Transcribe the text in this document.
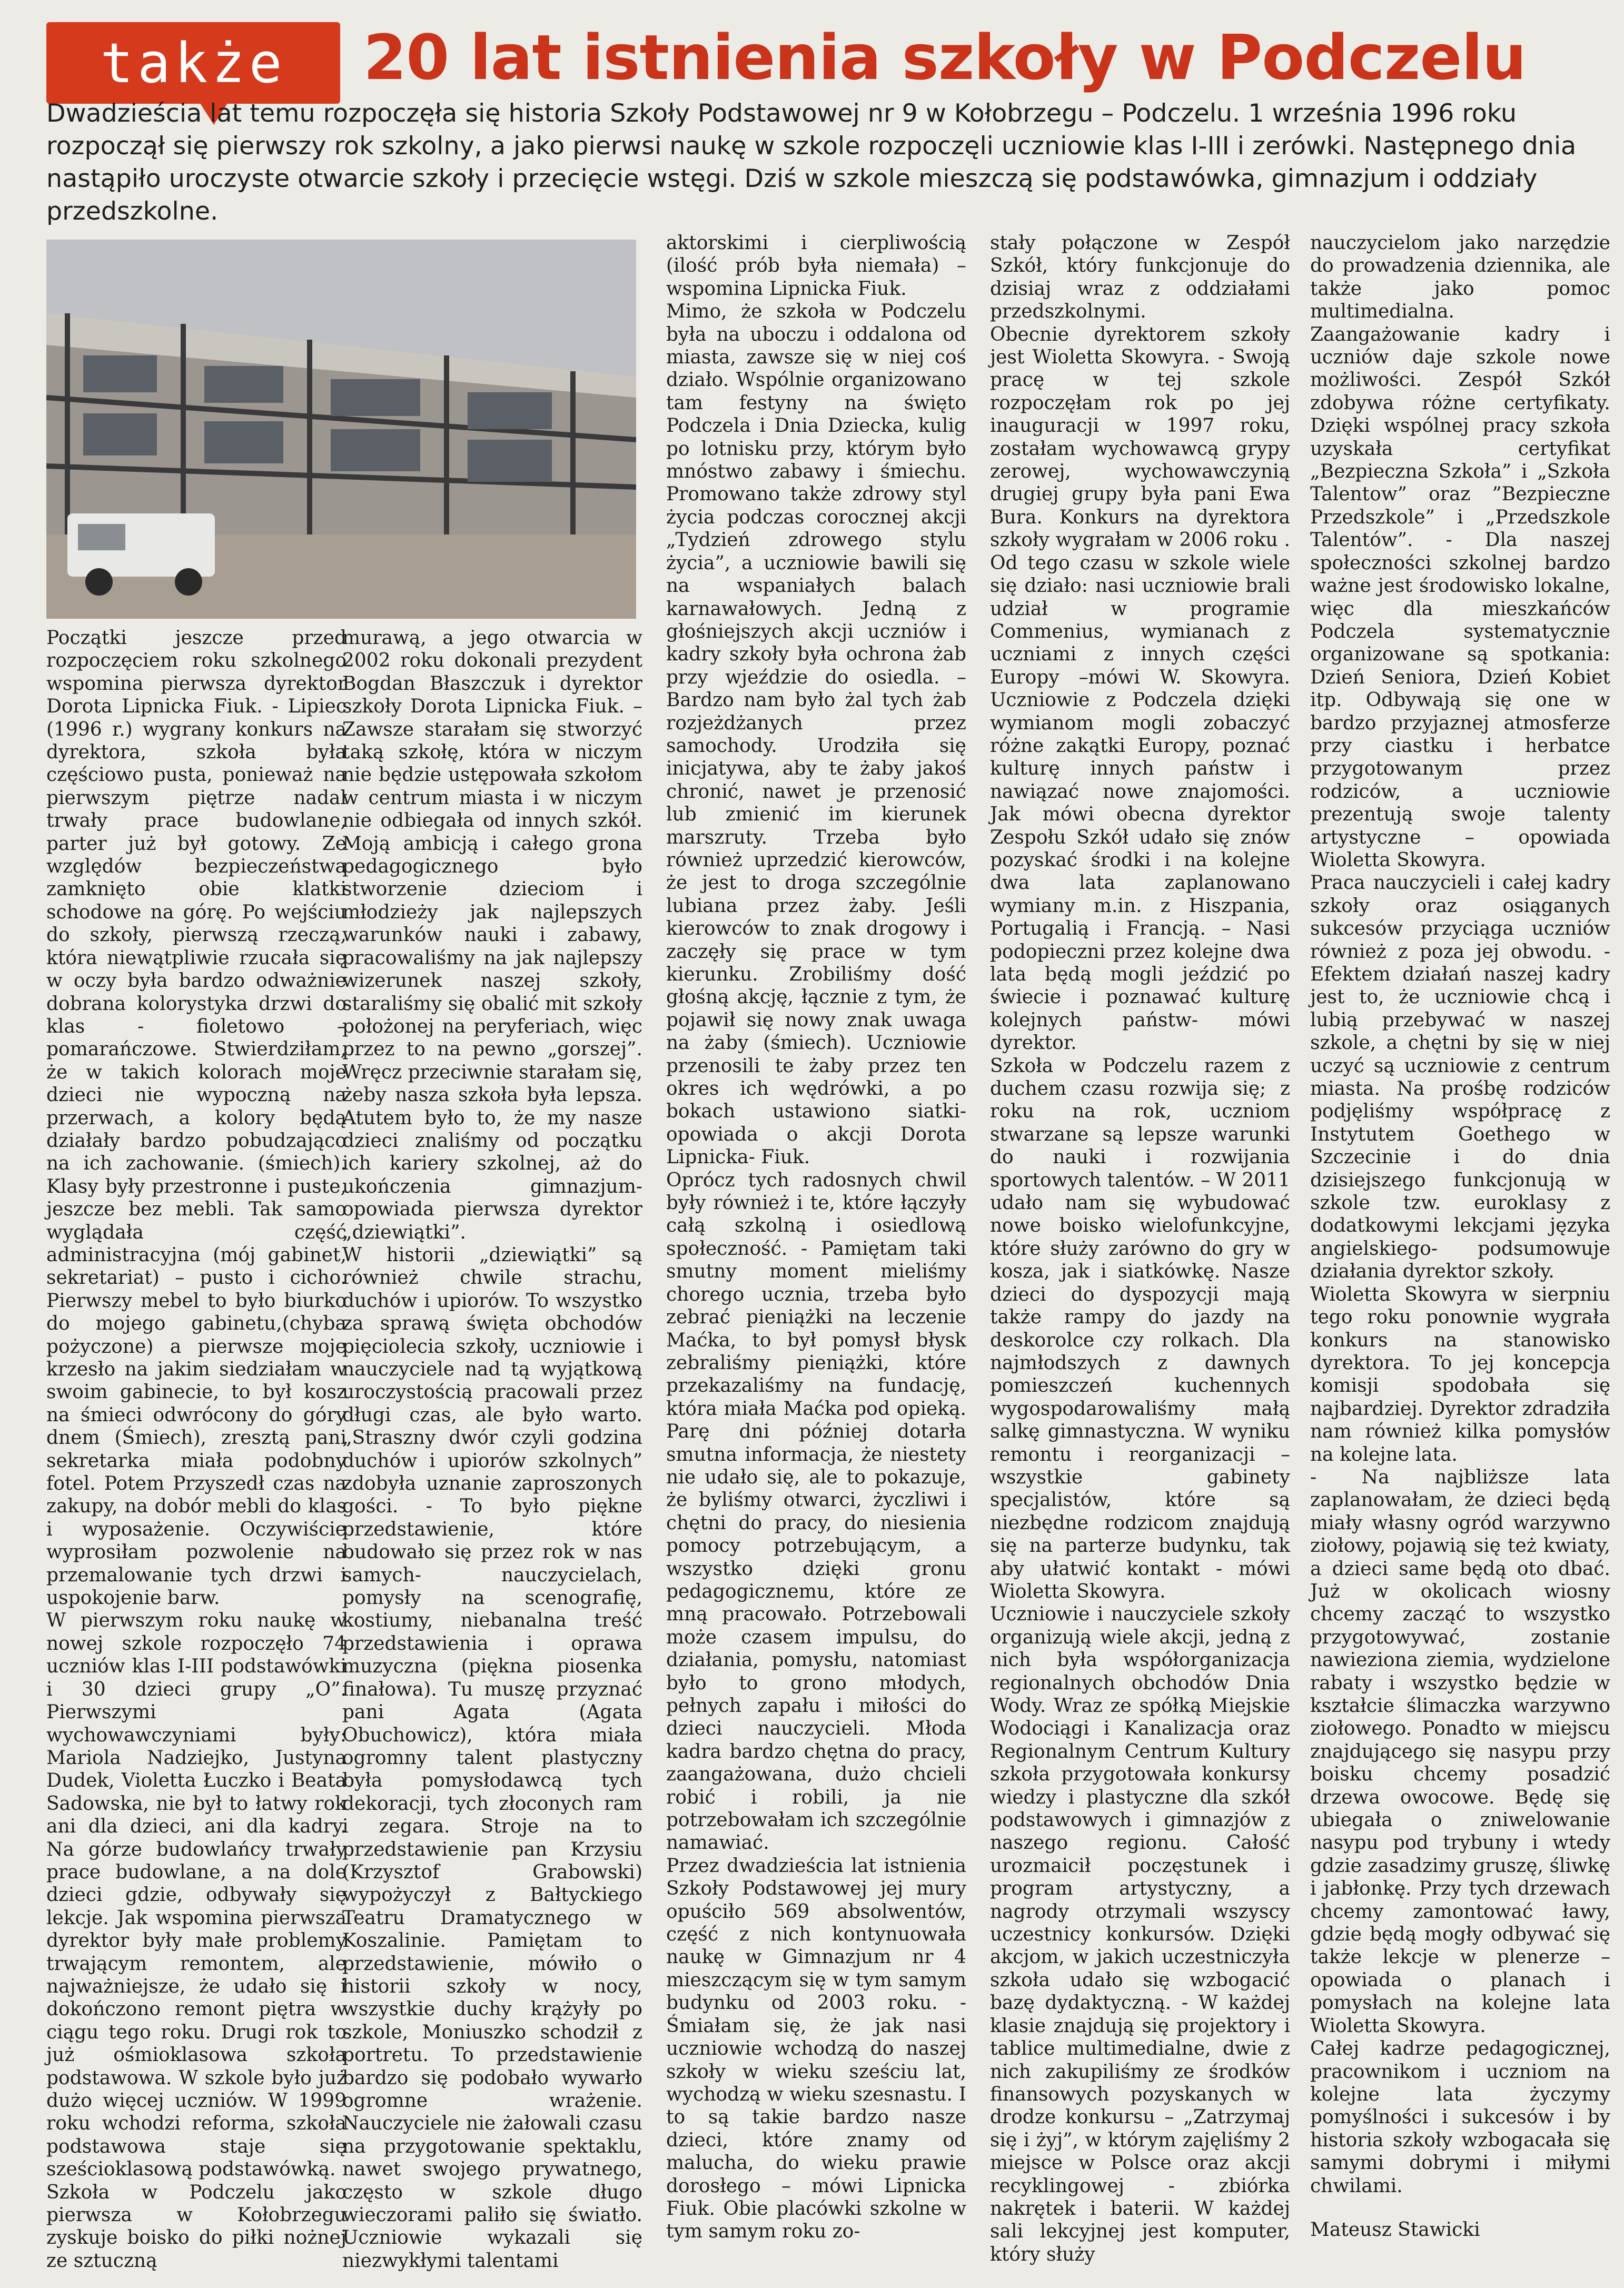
także 20 lat istnienia szkoły w Podczelu
Dwadzieścia lat temu rozpoczęła się historia Szkoły Podstawowej nr 9 w Kołobrzegu – Podczelu. 1 września 1996 roku rozpoczął się pierwszy rok szkolny, a jako pierwsi naukę w szkole rozpoczęli uczniowie klas I-III i zerówki. Następnego dnia nastąpiło uroczyste otwarcie szkoły i przecięcie wstęgi. Dziś w szkole mieszczą się podstawówka, gimnazjum i oddziały przedszkolne.

Początki jeszcze przed rozpoczęciem roku szkolnego wspomina pierwsza dyrektor Dorota Lipnicka Fiuk. - Lipiec (1996 r.) wygrany konkurs na dyrektora, szkoła była częściowo pusta, ponieważ na pierwszym piętrze nadal trwały prace budowlane, parter już był gotowy. Ze względów bezpieczeństwa zamknięto obie klatki schodowe na górę. Po wejściu do szkoły, pierwszą rzeczą, która niewątpliwie rzucała się w oczy była bardzo odważnie dobrana kolorystyka drzwi do klas - fioletowo – pomarańczowe. Stwierdziłam, że w takich kolorach moje dzieci nie wypoczną na przerwach, a kolory będą działały bardzo pobudzająco na ich zachowanie. (śmiech). Klasy były przestronne i puste, jeszcze bez mebli. Tak samo wyglądała część administracyjna (mój gabinet, sekretariat) – pusto i cicho. Pierwszy mebel to było biurko do mojego gabinetu,(chyba pożyczone) a pierwsze moje krzesło na jakim siedziałam w swoim gabinecie, to był kosz na śmieci odwrócony do góry dnem (Śmiech), zresztą pani sekretarka miała podobny fotel. Potem Przyszedł czas na zakupy, na dobór mebli do klas i wyposażenie. Oczywiście wyprosiłam pozwolenie na przemalowanie tych drzwi i uspokojenie barw.

W pierwszym roku naukę w nowej szkole rozpoczęło 74 uczniów klas I-III podstawówki i 30 dzieci grupy „O”. Pierwszymi wychowawczyniami były: Mariola Nadziejko, Justyna Dudek, Violetta Łuczko i Beata Sadowska, nie był to łatwy rok ani dla dzieci, ani dla kadry. Na górze budowlańcy trwały prace budowlane, a na dole dzieci gdzie, odbywały się lekcje. Jak wspomina pierwsza dyrektor były małe problemy trwającym remontem, ale najważniejsze, że udało się i dokończono remont piętra w ciągu tego roku. Drugi rok to już ośmioklasowa szkoła podstawowa. W szkole było już dużo więcej uczniów. W 1999 roku wchodzi reforma, szkoła podstawowa staje się sześcioklasową podstawówką.

Szkoła w Podczelu jako pierwsza w Kołobrzegu zyskuje boisko do piłki nożnej ze sztuczną

murawą, a jego otwarcia w 2002 roku dokonali prezydent Bogdan Błaszczuk i dyrektor szkoły Dorota Lipnicka Fiuk. –Zawsze starałam się stworzyć taką szkołę, która w niczym nie będzie ustępowała szkołom w centrum miasta i w niczym nie odbiegała od innych szkół. Moją ambicją i całego grona pedagogicznego było stworzenie dzieciom i młodzieży jak najlepszych warunków nauki i zabawy, pracowaliśmy na jak najlepszy wizerunek naszej szkoły, staraliśmy się obalić mit szkoły położonej na peryferiach, więc przez to na pewno „gorszej”. Wręcz przeciwnie starałam się, żeby nasza szkoła była lepsza. Atutem było to, że my nasze dzieci znaliśmy od początku ich kariery szkolnej, aż do ukończenia gimnazjum- opowiada pierwsza dyrektor „dziewiątki”.

W historii „dziewiątki” są również chwile strachu, duchów i upiorów. To wszystko za sprawą święta obchodów pięciolecia szkoły, uczniowie i nauczyciele nad tą wyjątkową uroczystością pracowali przez długi czas, ale było warto. „Straszny dwór czyli godzina duchów i upiorów szkolnych” zdobyła uznanie zaproszonych gości. - To było piękne przedstawienie, które budowało się przez rok w nas samych- nauczycielach, pomysły na scenografię, kostiumy, niebanalna treść przedstawienia i oprawa muzyczna (piękna piosenka finałowa). Tu muszę przyznać pani Agata (Agata Obuchowicz), która miała ogromny talent plastyczny była pomysłodawcą tych dekoracji, tych złoconych ram i zegara. Stroje na to przedstawienie pan Krzysiu (Krzysztof Grabowski) wypożyczył z Bałtyckiego Teatru Dramatycznego w Koszalinie. Pamiętam to przedstawienie, mówiło o historii szkoły w nocy, wszystkie duchy krążyły po szkole, Moniuszko schodził z portretu. To przedstawienie bardzo się podobało wywarło ogromne wrażenie. Nauczyciele nie żałowali czasu na przygotowanie spektaklu, nawet swojego prywatnego, często w szkole długo wieczorami paliło się światło. Uczniowie wykazali się niezwykłymi talentami

aktorskimi i cierpliwością (ilość prób była niemała) – wspomina Lipnicka Fiuk.

Mimo, że szkoła w Podczelu była na uboczu i oddalona od miasta, zawsze się w niej coś działo. Wspólnie organizowano tam festyny na święto Podczela i Dnia Dziecka, kulig po lotnisku przy, którym było mnóstwo zabawy i śmiechu. Promowano także zdrowy styl życia podczas corocznej akcji „Tydzień zdrowego stylu życia”, a uczniowie bawili się na wspaniałych balach karnawałowych. Jedną z głośniejszych akcji uczniów i kadry szkoły była ochrona żab przy wjeździe do osiedla. – Bardzo nam było żal tych żab rozjeżdżanych przez samochody. Urodziła się inicjatywa, aby te żaby jakoś chronić, nawet je przenosić lub zmienić im kierunek marszruty. Trzeba było również uprzedzić kierowców, że jest to droga szczególnie lubiana przez żaby. Jeśli kierowców to znak drogowy i zaczęły się prace w tym kierunku. Zrobiliśmy dość głośną akcję, łącznie z tym, że pojawił się nowy znak uwaga na żaby (śmiech). Uczniowie przenosili te żaby przez ten okres ich wędrówki, a po bokach ustawiono siatki- opowiada o akcji Dorota Lipnicka- Fiuk.

Oprócz tych radosnych chwil były również i te, które łączyły całą szkolną i osiedlową społeczność. - Pamiętam taki smutny moment mieliśmy chorego ucznia, trzeba było zebrać pieniążki na leczenie Maćka, to był pomysł błysk zebraliśmy pieniążki, które przekazaliśmy na fundację, która miała Maćka pod opieką. Parę dni później dotarła smutna informacja, że niestety nie udało się, ale to pokazuje, że byliśmy otwarci, życzliwi i chętni do pracy, do niesienia pomocy potrzebującym, a wszystko dzięki gronu pedagogicznemu, które ze mną pracowało. Potrzebowali może czasem impulsu, do działania, pomysłu, natomiast było to grono młodych, pełnych zapału i miłości do dzieci nauczycieli. Młoda kadra bardzo chętna do pracy, zaangażowana, dużo chcieli robić i robili, ja nie potrzebowałam ich szczególnie namawiać.

Przez dwadzieścia lat istnienia Szkoły Podstawowej jej mury opuściło 569 absolwentów, część z nich kontynuowała naukę w Gimnazjum nr 4 mieszczącym się w tym samym budynku od 2003 roku. - Śmiałam się, że jak nasi uczniowie wchodzą do naszej szkoły w wieku sześciu lat, wychodzą w wieku szesnastu. I to są takie bardzo nasze dzieci, które znamy od malucha, do wieku prawie dorosłego – mówi Lipnicka Fiuk. Obie placówki szkolne w tym samym roku zo-

stały połączone w Zespół Szkół, który funkcjonuje do dzisiaj wraz z oddziałami przedszkolnymi.

Obecnie dyrektorem szkoły jest Wioletta Skowyra. - Swoją pracę w tej szkole rozpoczęłam rok po jej inauguracji w 1997 roku, zostałam wychowawcą grypy zerowej, wychowawczynią drugiej grupy była pani Ewa Bura. Konkurs na dyrektora szkoły wygrałam w 2006 roku . Od tego czasu w szkole wiele się działo: nasi uczniowie brali udział w programie Commenius, wymianach z uczniami z innych części Europy –mówi W. Skowyra. Uczniowie z Podczela dzięki wymianom mogli zobaczyć różne zakątki Europy, poznać kulturę innych państw i nawiązać nowe znajomości. Jak mówi obecna dyrektor Zespołu Szkół udało się znów pozyskać środki i na kolejne dwa lata zaplanowano wymiany m.in. z Hiszpania, Portugalią i Francją. – Nasi podopieczni przez kolejne dwa lata będą mogli jeździć po świecie i poznawać kulturę kolejnych państw- mówi dyrektor.

Szkoła w Podczelu razem z duchem czasu rozwija się; z roku na rok, uczniom stwarzane są lepsze warunki do nauki i rozwijania sportowych talentów. – W 2011 udało nam się wybudować nowe boisko wielofunkcyjne, które służy zarówno do gry w kosza, jak i siatkówkę. Nasze dzieci do dyspozycji mają także rampy do jazdy na deskorolce czy rolkach. Dla najmłodszych z dawnych pomieszczeń kuchennych wygospodarowaliśmy małą salkę gimnastyczna. W wyniku remontu i reorganizacji – wszystkie gabinety specjalistów, które są niezbędne rodzicom znajdują się na parterze budynku, tak aby ułatwić kontakt - mówi Wioletta Skowyra.

Uczniowie i nauczyciele szkoły organizują wiele akcji, jedną z nich była współorganizacja regionalnych obchodów Dnia Wody. Wraz ze spółką Miejskie Wodociągi i Kanalizacja oraz Regionalnym Centrum Kultury szkoła przygotowała konkursy wiedzy i plastyczne dla szkół podstawowych i gimnazjów z naszego regionu. Całość urozmaicił poczęstunek i program artystyczny, a nagrody otrzymali wszyscy uczestnicy konkursów. Dzięki akcjom, w jakich uczestniczyła szkoła udało się wzbogacić bazę dydaktyczną. - W każdej klasie znajdują się projektory i tablice multimedialne, dwie z nich zakupiliśmy ze środków finansowych pozyskanych w drodze konkursu – „Zatrzymaj się i żyj”, w którym zajęliśmy 2 miejsce w Polsce oraz akcji recyklingowej - zbiórka nakrętek i baterii. W każdej sali lekcyjnej jest komputer, który służy

nauczycielom jako narzędzie do prowadzenia dziennika, ale także jako pomoc multimedialna.

Zaangażowanie kadry i uczniów daje szkole nowe możliwości. Zespół Szkół zdobywa różne certyfikaty. Dzięki wspólnej pracy szkoła uzyskała certyfikat „Bezpieczna Szkoła” i „Szkoła Talentow” oraz ”Bezpieczne Przedszkole” i „Przedszkole Talentów”. - Dla naszej społeczności szkolnej bardzo ważne jest środowisko lokalne, więc dla mieszkańców Podczela systematycznie organizowane są spotkania: Dzień Seniora, Dzień Kobiet itp. Odbywają się one w bardzo przyjaznej atmosferze przy ciastku i herbatce przygotowanym przez rodziców, a uczniowie prezentują swoje talenty artystyczne – opowiada Wioletta Skowyra.

Praca nauczycieli i całej kadry szkoły oraz osiąganych sukcesów przyciąga uczniów również z poza jej obwodu. - Efektem działań naszej kadry jest to, że uczniowie chcą i lubią przebywać w naszej szkole, a chętni by się w niej uczyć są uczniowie z centrum miasta. Na prośbę rodziców podjęliśmy współpracę z Instytutem Goethego w Szczecinie i do dnia dzisiejszego funkcjonują w szkole tzw. euroklasy z dodatkowymi lekcjami języka angielskiego- podsumowuje działania dyrektor szkoły.

Wioletta Skowyra w sierpniu tego roku ponownie wygrała konkurs na stanowisko dyrektora. To jej koncepcja komisji spodobała się najbardziej. Dyrektor zdradziła nam również kilka pomysłów na kolejne lata.

- Na najbliższe lata zaplanowałam, że dzieci będą miały własny ogród warzywno ziołowy, pojawią się też kwiaty, a dzieci same będą oto dbać. Już w okolicach wiosny chcemy zacząć to wszystko przygotowywać, zostanie nawieziona ziemia, wydzielone rabaty i wszystko będzie w kształcie ślimaczka warzywno ziołowego. Ponadto w miejscu znajdującego się nasypu przy boisku chcemy posadzić drzewa owocowe. Będę się ubiegała o zniwelowanie nasypu pod trybuny i wtedy gdzie zasadzimy gruszę, śliwkę i jabłonkę. Przy tych drzewach chcemy zamontować ławy, gdzie będą mogły odbywać się także lekcje w plenerze – opowiada o planach i pomysłach na kolejne lata Wioletta Skowyra.

Całej kadrze pedagogicznej, pracownikom i uczniom na kolejne lata życzymy pomyślności i sukcesów i by historia szkoły wzbogacała się samymi dobrymi i miłymi chwilami.

Mateusz Stawicki
